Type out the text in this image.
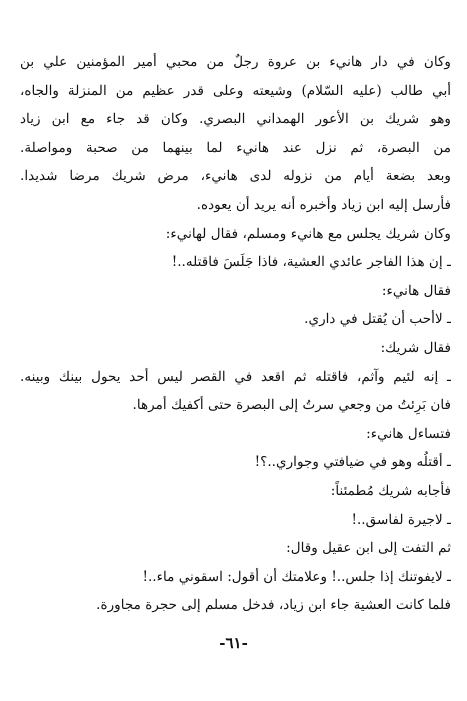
وكان في دار هانيء بن عروة رجلٌ من محبي أمير المؤمنين علي بن
أبي طالب (عليه السّلام) وشيعته وعلى قدر عظيم من المنزلة والجاه،
وهو شريك بن الأعور الهمداني البصري. وكان قد جاء مع ابن زياد
من البصرة، ثم نزل عند هانيء لما بينهما من صحبة ومواصلة.
وبعد بضعة أيام من نزوله لدى هانيء، مرض شريك مرضا شديدا.
فأرسل إليه ابن زياد وأخبره أنه يريد أن يعوده.
وكان شريك يجلس مع هانيء ومسلم، فقال لهانيء:
ـ إن هذا الفاجر عائدي العشية، فاذا جَلَسَ فاقتله..!
فقال هانيء:
ـ لاأحب أن يُقتل في داري.
فقال شريك:
ـ إنه لئيم وآثم، فاقتله ثم اقعد في القصر ليس أحد يحول بينك وبينه.
فان بَرِئتُ من وجعي سرتُ إلى البصرة حتى أكفيك أمرها.
فتساءل هانيء:
ـ أقتلُه وهو في ضيافتي وجواري..؟!
فأجابه شريك مُطمئناً:
ـ لاجيرة لفاسق..!
ثم التفت إلى ابن عقيل وقال:
ـ لايفوتنك إذا جلس..! وعلامتك أن أقول: اسقوني ماء..!
فلما كانت العشية جاء ابن زياد، فدخل مسلم إلى حجرة مجاورة.
-٦١-
